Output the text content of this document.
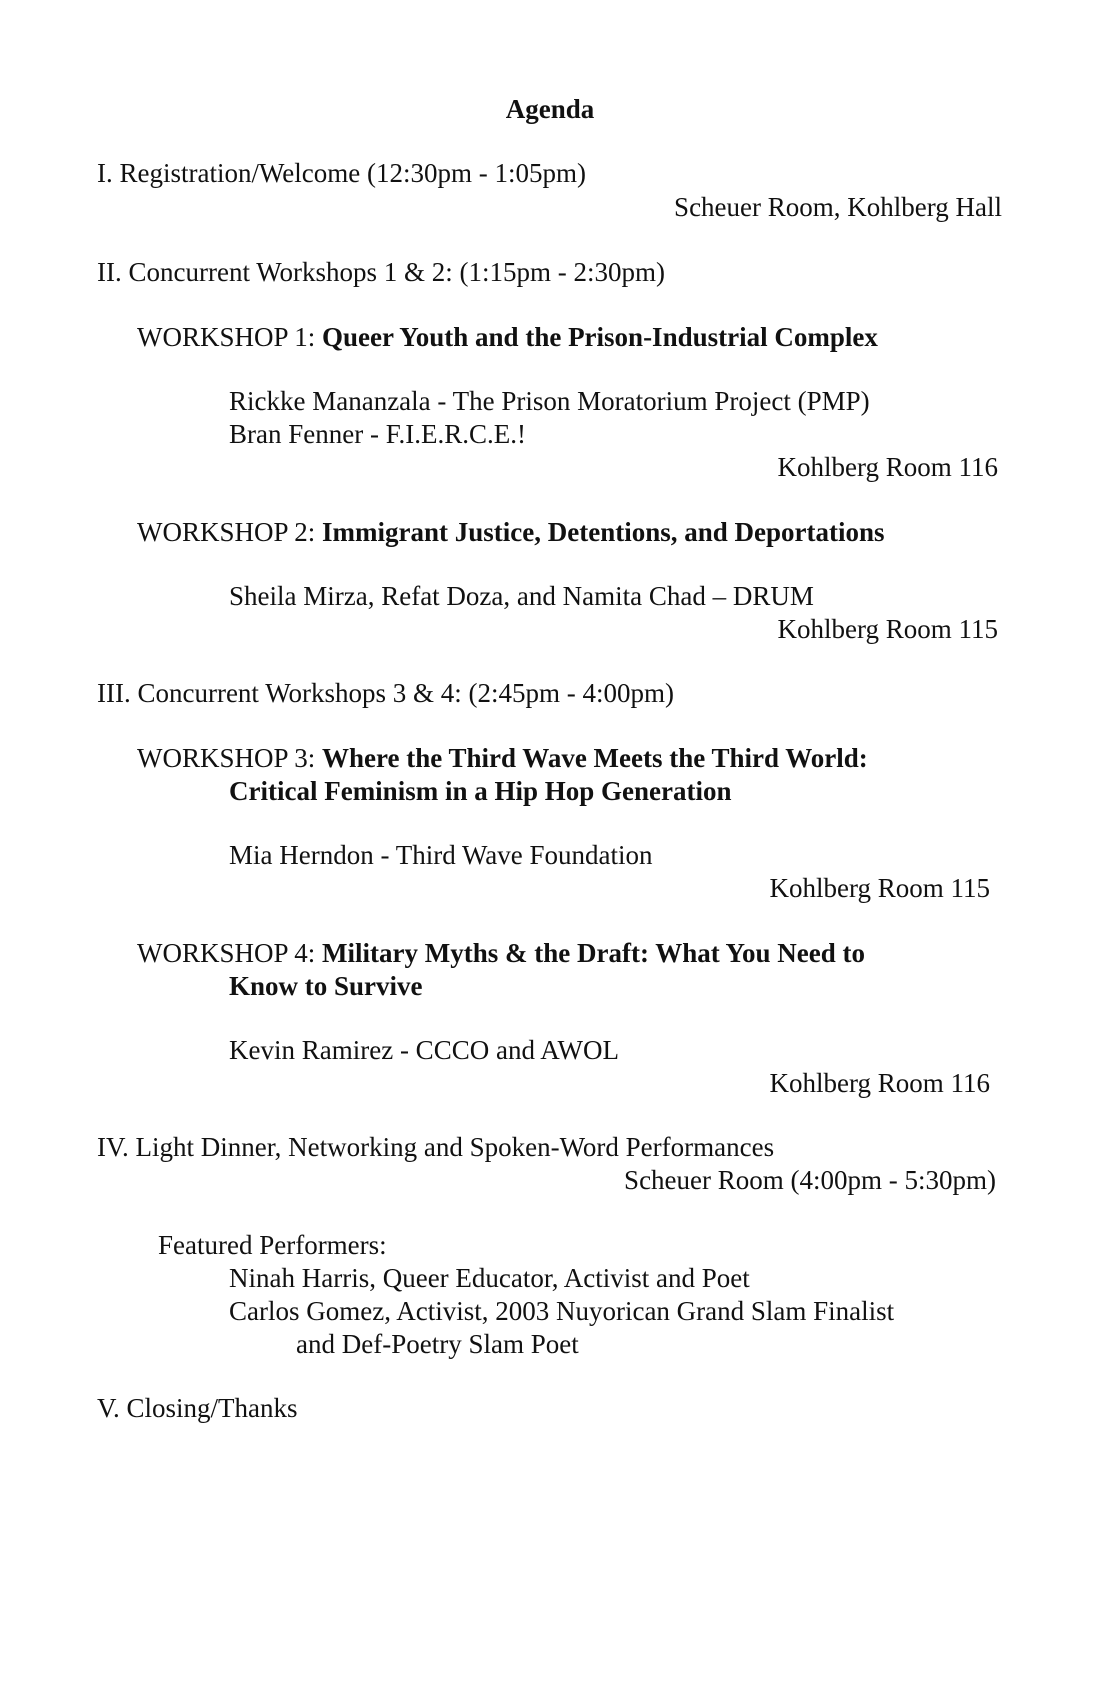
Agenda
I. Registration/Welcome (12:30pm - 1:05pm)
Scheuer Room, Kohlberg Hall
II. Concurrent Workshops 1 & 2: (1:15pm - 2:30pm)
WORKSHOP 1: Queer Youth and the Prison-Industrial Complex
Rickke Mananzala - The Prison Moratorium Project (PMP)
Bran Fenner - F.I.E.R.C.E.!
Kohlberg Room 116
WORKSHOP 2: Immigrant Justice, Detentions, and Deportations
Sheila Mirza, Refat Doza, and Namita Chad – DRUM
Kohlberg Room 115
III. Concurrent Workshops 3 & 4: (2:45pm - 4:00pm)
WORKSHOP 3: Where the Third Wave Meets the Third World:
Critical Feminism in a Hip Hop Generation
Mia Herndon - Third Wave Foundation
Kohlberg Room 115
WORKSHOP 4: Military Myths & the Draft: What You Need to
Know to Survive
Kevin Ramirez - CCCO and AWOL
Kohlberg Room 116
IV. Light Dinner, Networking and Spoken-Word Performances
Scheuer Room (4:00pm - 5:30pm)
Featured Performers:
Ninah Harris, Queer Educator, Activist and Poet
Carlos Gomez, Activist, 2003 Nuyorican Grand Slam Finalist
and Def-Poetry Slam Poet
V. Closing/Thanks
